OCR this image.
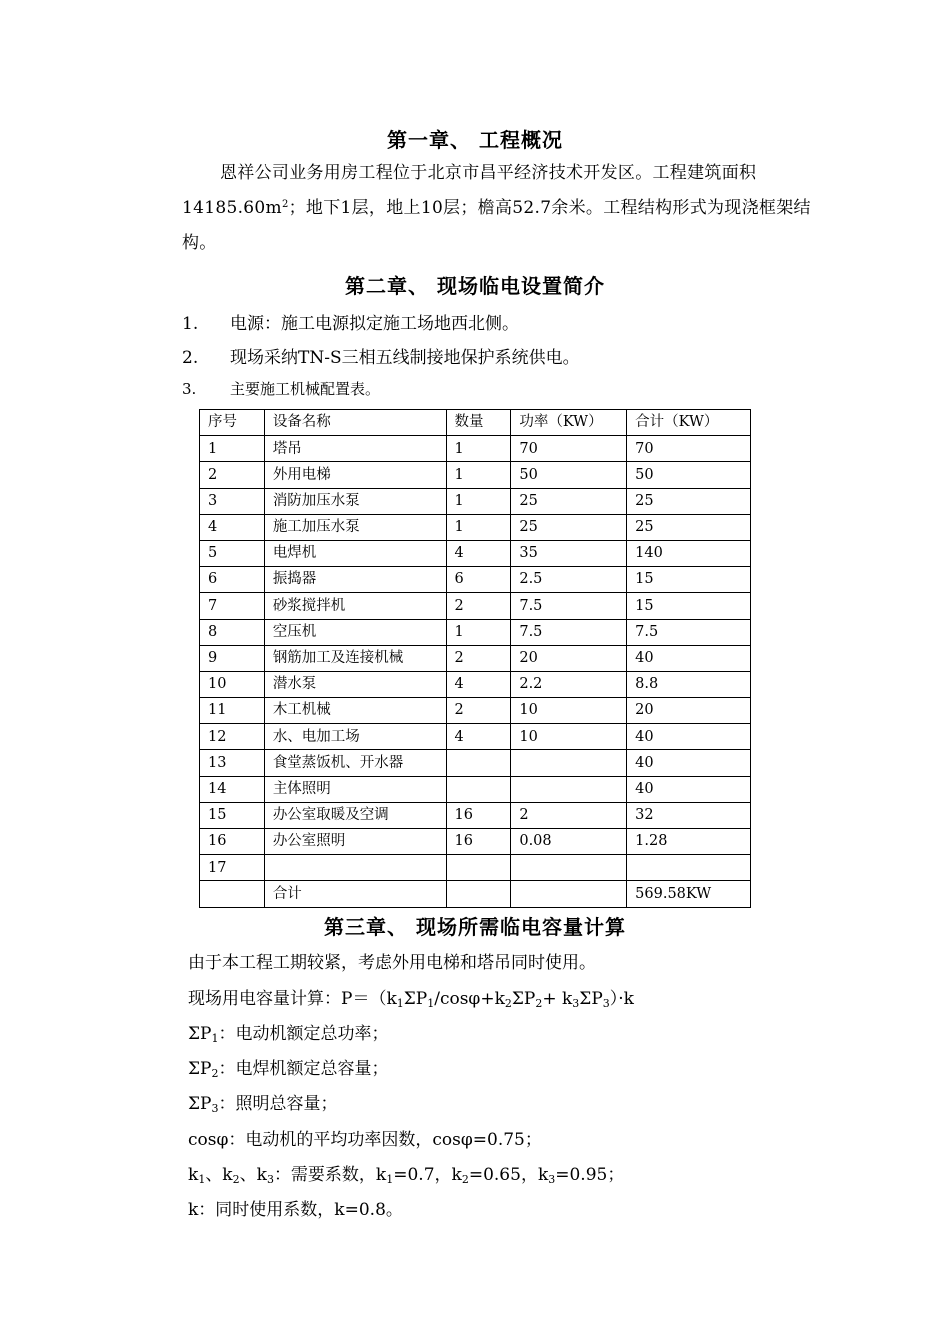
第一章、 工程概况
恩祥公司业务用房工程位于北京市昌平经济技术开发区。工程建筑面积$14185.60m^2$；地下1层，地上10层；檐高52.7余米。工程结构形式为现浇框架结构。
第二章、 现场临电设置简介
1. 电源：施工电源拟定施工场地西北侧。
2. 现场采纳TN-S三相五线制接地保护系统供电。
3. 主要施工机械配置表。
序号	设备名称	数量	功率（KW）	合计（KW）
1	塔吊	1	70	70
2	外用电梯	1	50	50
3	消防加压水泵	1	25	25
4	施工加压水泵	1	25	25
5	电焊机	4	35	140
6	振捣器	6	2.5	15
7	砂浆搅拌机	2	7.5	15
8	空压机	1	7.5	7.5
9	钢筋加工及连接机械	2	20	40
10	潜水泵	4	2.2	8.8
11	木工机械	2	10	20
12	水、电加工场	4	10	40
13	食堂蒸饭机、开水器			40
14	主体照明			40
15	办公室取暖及空调	16	2	32
16	办公室照明	16	0.08	1.28
17				
	合计			569.58KW
第三章、 现场所需临电容量计算
由于本工程工期较紧，考虑外用电梯和塔吊同时使用。
现场用电容量计算：$P=(k_1\Sigma P_1/\cos\varphi+k_2\Sigma P_2+ k_3\Sigma P_3)\cdot k$
$\Sigma P_1$：电动机额定总功率；
$\Sigma P_2$：电焊机额定总容量；
$\Sigma P_3$：照明总容量；
cosφ：电动机的平均功率因数，cosφ=0.75；
$k_1$、$k_2$、$k_3$：需要系数，$k_1=0.7$，$k_2=0.65$，$k_3=0.95$；
k：同时使用系数，k=0.8。
